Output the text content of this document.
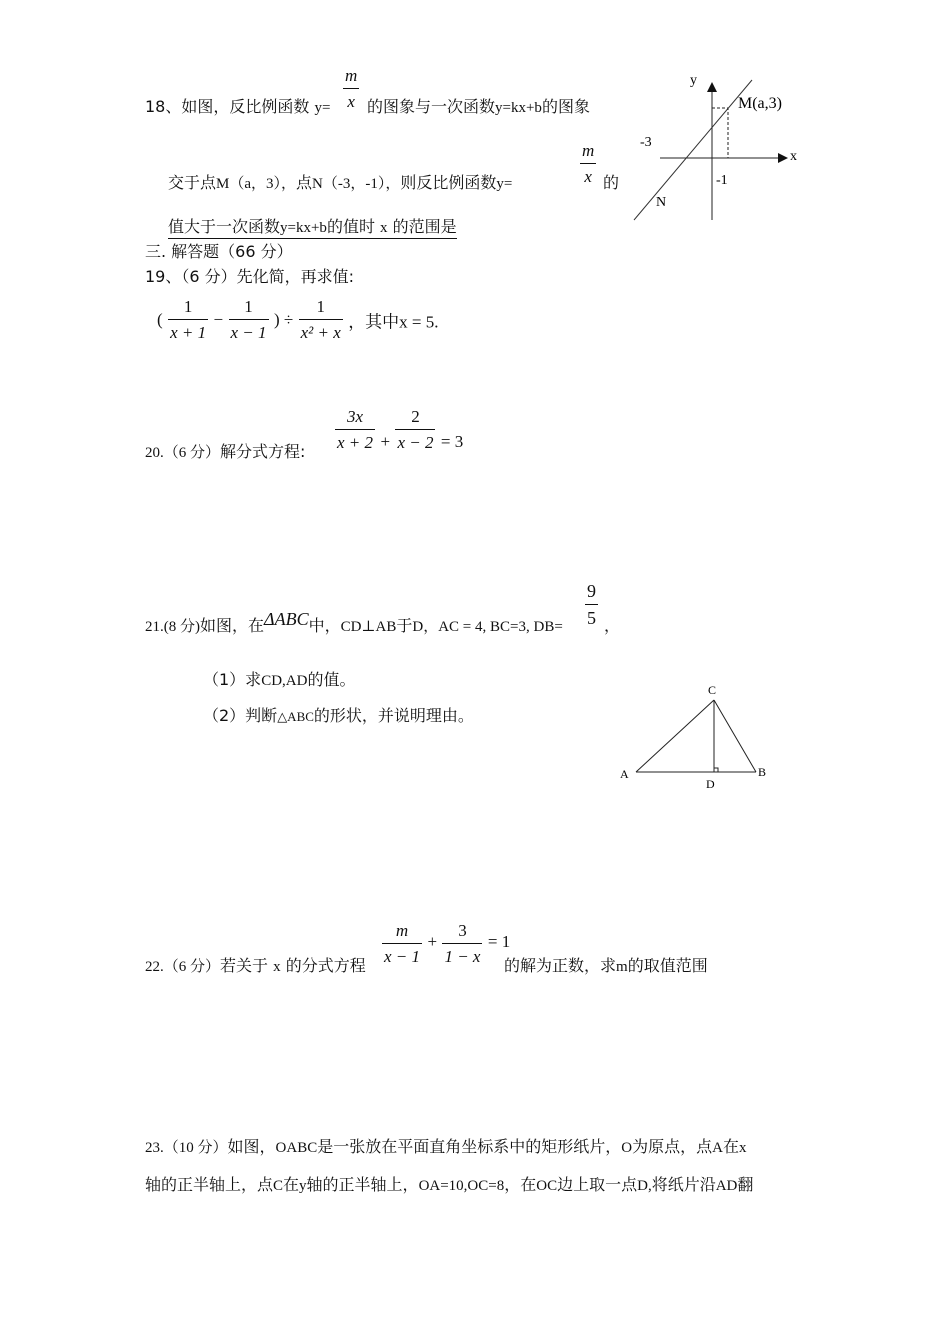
18、如图，反比例函数 $y= \frac{m}{x}$ 的图象与一次函数y=kx+b的图象
交于点M（a，3），点N（-3，-1），则反比例函数y=	$\frac{m}{x}$ 的
值大于一次函数y=kx+b的值时 x 的范围是
y
x
M(a,3)
-3
-1
N
三. 解答题（66 分）
19、（6 分）先化简，再求值:
( $\frac{1}{x + 1} - \frac{1}{x - 1}$ ) ÷ $\frac{1}{\text{x² + x}}$ ，其中x = 5.
20.（6 分）解分式方程: $\frac{3x}{x + 2} + \frac{2}{x - 2} = 3$
21.(8 分)如图，在ΔABC中，CD⊥AB于D，AC = 4, BC=3, $DB= \frac{9}{5}$ ，
（1）求CD,AD的值。
（2）判断△ABC的形状，并说明理由。
C
A	B
D
22.（6 分）若关于 x 的分式方程 $\frac{m}{x - 1} + \frac{3}{1 - x} = 1$
的解为正数，求m的取值范围
23.（10 分）如图，OABC是一张放在平面直角坐标系中的矩形纸片，O为原点，点A在x
轴的正半轴上，点C在y轴的正半轴上，OA=10,OC=8，在OC边上取一点D,将纸片沿AD翻
